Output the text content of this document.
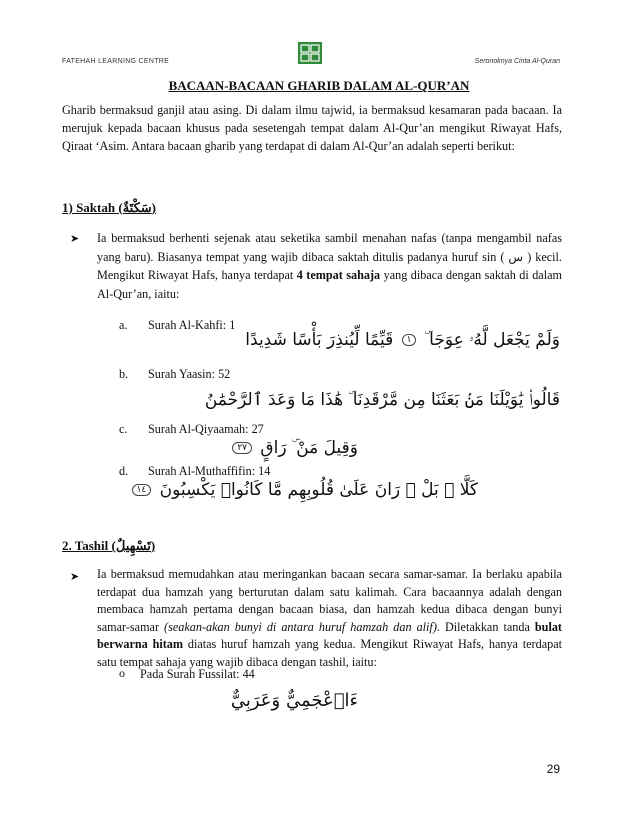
FATEHAH LEARNING CENTRE	Seronoknya Cinta Al-Quran
BACAAN-BACAAN GHARIB DALAM AL-QUR’AN
Gharib bermaksud ganjil atau asing. Di dalam ilmu tajwid, ia bermaksud kesamaran pada bacaan. Ia merujuk kepada bacaan khusus pada sesetengah tempat dalam Al-Qur’an mengikut Riwayat Hafs, Qiraat ‘Asim. Antara bacaan gharib yang terdapat di dalam Al-Qur’an adalah seperti berikut:
1) Saktah (سَكْتَةٌ)
➤ Ia bermaksud berhenti sejenak atau seketika sambil menahan nafas (tanpa mengambil nafas yang baru). Biasanya tempat yang wajib dibaca saktah ditulis padanya huruf sin ( س ) kecil. Mengikut Riwayat Hafs, hanya terdapat 4 tempat sahaja yang dibaca dengan saktah di dalam Al-Qur’an, iaitu:
a. Surah Al-Kahfi: 1
وَلَمْ يَجْعَل لَّهُۥ عِوَجَا ۜ ١ قَيِّمًا لِّيُنذِرَ بَأْسًا شَدِيدًا
b. Surah Yaasin: 52
قَالُوا۟ يَٰوَيْلَنَا مَنۢ بَعَثَنَا مِن مَّرْقَدِنَا ۜ هَٰذَا مَا وَعَدَ ٱلرَّحْمَٰنُ
c. Surah Al-Qiyaamah: 27
وَقِيلَ مَنْ ۜ رَاقٍ ٢٧
d. Surah Al-Muthaffifin: 14
كَلَّا ۖ بَلْ ۜ رَانَ عَلَىٰ قُلُوبِهِم مَّا كَانُوا۟ يَكْسِبُونَ ١٤
2. Tashil (تَسْهِيلٌ)
➤ Ia bermaksud memudahkan atau meringankan bacaan secara samar-samar. Ia berlaku apabila terdapat dua hamzah yang berturutan dalam satu kalimah. Cara bacaannya adalah dengan membaca hamzah pertama dengan bacaan biasa, dan hamzah kedua dibaca dengan bunyi samar-samar (seakan-akan bunyi di antara huruf hamzah dan alif). Diletakkan tanda bulat berwarna hitam diatas huruf hamzah yang kedua. Mengikut Riwayat Hafs, hanya terdapat satu tempat sahaja yang wajib dibaca dengan tashil, iaitu:
o Pada Surah Fussilat: 44
ءَا۬عْجَمِيٌّ وَعَرَبِيٌّ
29
